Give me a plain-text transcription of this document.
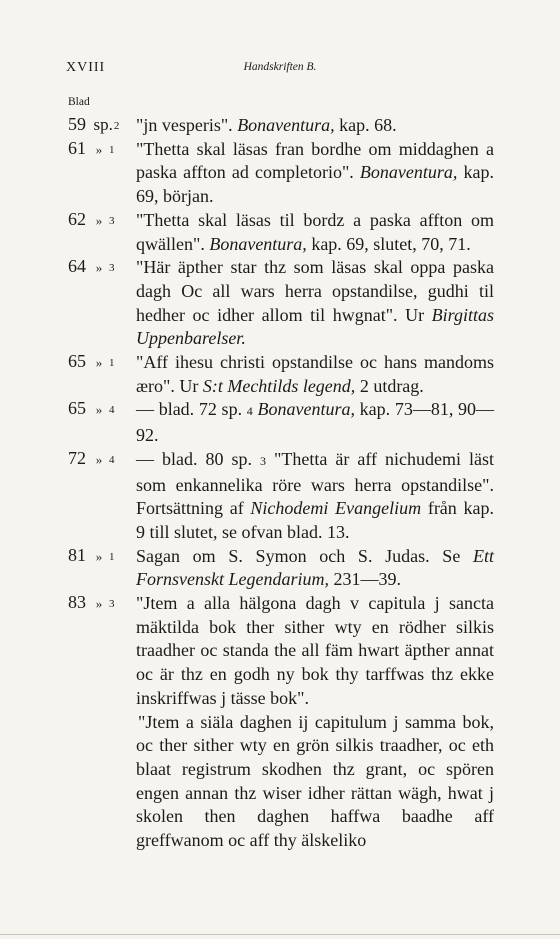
XVIII	Handskriften B.
Blad
59 sp.2 "jn vesperis". Bonaventura, kap. 68.
61 » 1	"Thetta skal läsas fran bordhe om middaghen a paska affton ad completorio". Bonaventura, kap. 69, början.
62 » 3	"Thetta skal läsas til bordz a paska affton om qwällen". Bonaventura, kap. 69, slutet, 70, 71.
64 » 3	"Här äpther star thz som läsas skal oppa paska dagh Oc all wars herra opstandilse, gudhi til hedher oc idher allom til hwgnat". Ur Birgittas Uppenbarelser.
65 » 1	"Aff ihesu christi opstandilse oc hans mandoms æro". Ur S:t Mechtilds legend, 2 utdrag.
65 » 4	— blad. 72 sp. 4 Bonaventura, kap. 73—81, 90—92.
72 » 4	— blad. 80 sp. 3 "Thetta är aff nichudemi läst som enkannelika röre wars herra opstandilse". Fortsättning af Nichodemi Evangelium från kap. 9 till slutet, se ofvan blad. 13.
81 » 1	Sagan om S. Symon och S. Judas. Se Ett Fornsvenskt Legendarium, 231—39.
83 » 3	"Jtem a alla hälgona dagh v capitula j sancta mäktilda bok ther sither wty en rödher silkis traadher oc standa the all fäm hwart äpther annat oc är thz en godh ny bok thy tarffwas thz ekke inskriffwas j tässe bok".
"Jtem a siäla daghen ij capitulum j samma bok, oc ther sither wty en grön silkis traadher, oc eth blaat registrum skodhen thz grant, oc spören engen annan thz wiser idher rättan wägh, hwat j skolen then daghen haffwa baadhe aff greffwanom oc aff thy älskeliko
